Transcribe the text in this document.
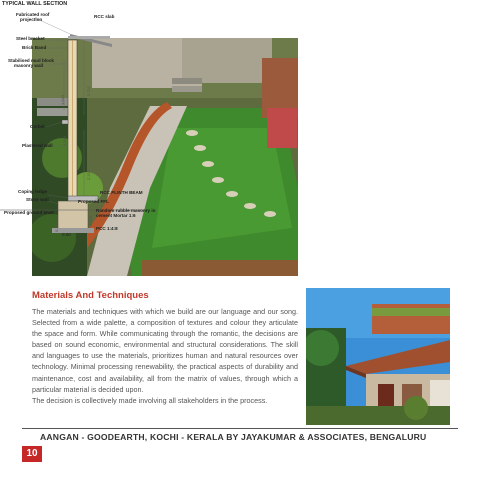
TYPICAL WALL SECTION
Fabricated roof
projection
RCC slab
Steel bracket
Brick Band
Stabilised mud block
masonry wall
Corbel
Plastered wall
Coping ledge
Stone wall
RCC PLINTH BEAM
Proposed FFL
Proposed ground level	Random rubble masonry in
cement Mortar 1:6
PCC 1:4:8
2.751
1.643
3.500
2.322
0.150
0.900
0.60
Materials And Techniques

The materials and techniques with which we build are our language and our song. Selected from a wide palette, a composition of textures and colour they articulate the space and form. While communicating through the romantic, the decisions are based on sound economic, environmental and structural considerations. The skill and languages to use the materials, prioritizes human and natural resources over technology. Minimal processing renewability, the practical aspects of durability and maintenance, cost and availability, all from the matrix of values, through which a particular material is decided upon.

The decision is collectively made involving all stakeholders in the process.

AANGAN - GOODEARTH, KOCHI - KERALA BY JAYAKUMAR & ASSOCIATES, BENGALURU
10
